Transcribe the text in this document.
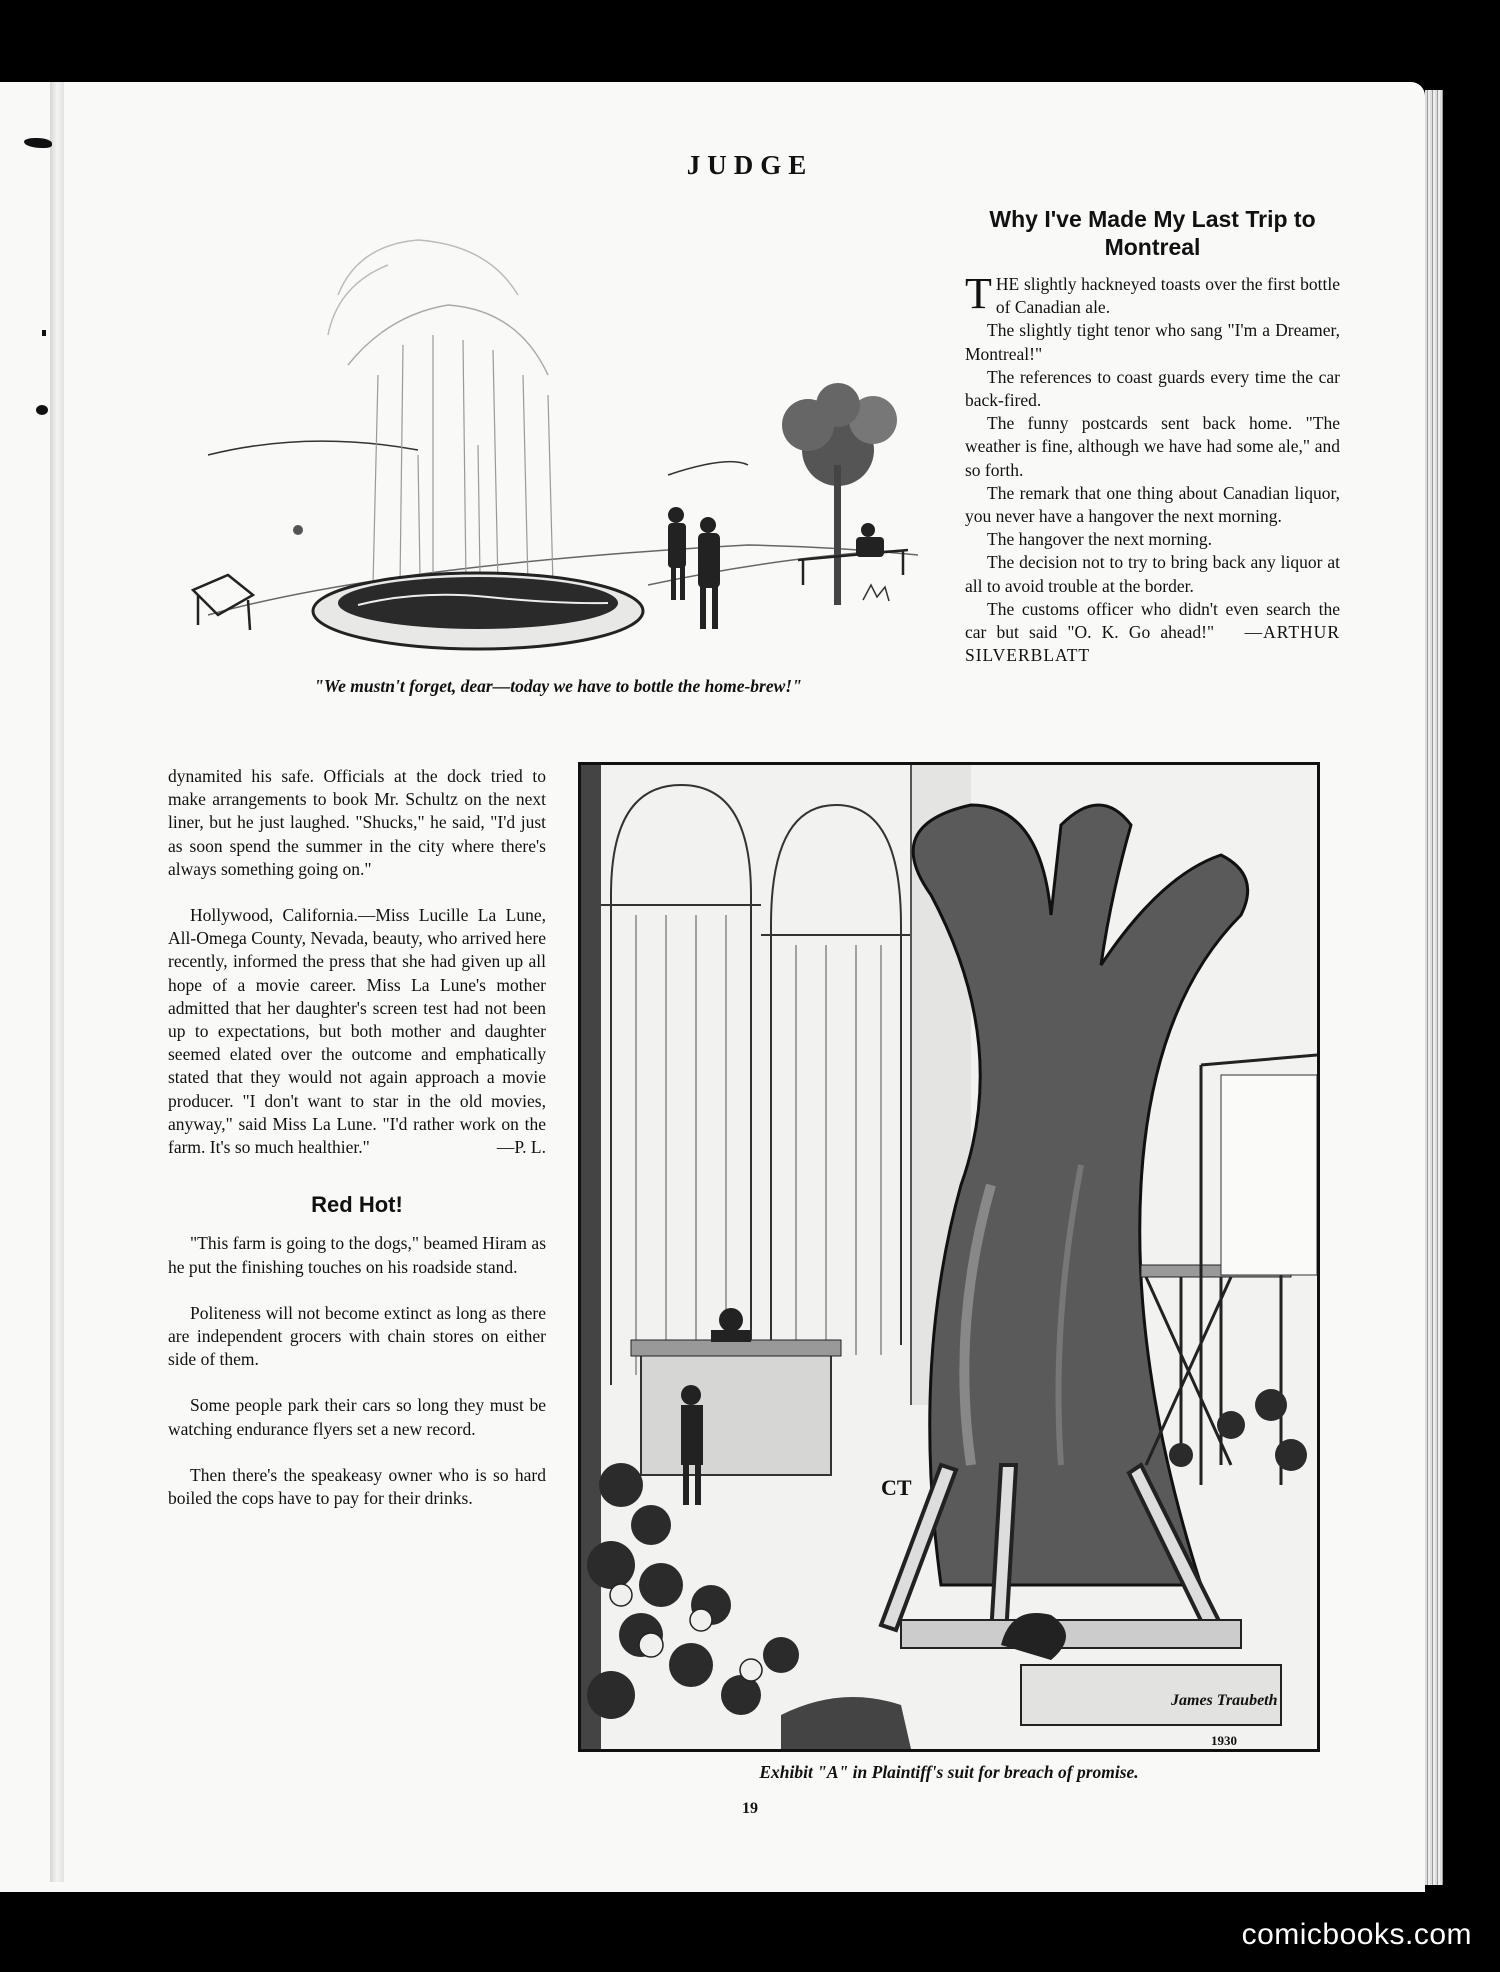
JUDGE
"We mustn't forget, dear—today we have to bottle the home-brew!"
Why I've Made My Last Trip to Montreal

THE slightly hackneyed toasts over the first bottle of Canadian ale.

The slightly tight tenor who sang "I'm a Dreamer, Montreal!"

The references to coast guards every time the car back-fired.

The funny postcards sent back home. "The weather is fine, although we have had some ale," and so forth.

The remark that one thing about Canadian liquor, you never have a hangover the next morning.

The hangover the next morning.

The decision not to try to bring back any liquor at all to avoid trouble at the border.

The customs officer who didn't even search the car but said "O. K. Go ahead!" —ARTHUR SILVERBLATT

dynamited his safe. Officials at the dock tried to make arrangements to book Mr. Schultz on the next liner, but he just laughed. "Shucks," he said, "I'd just as soon spend the summer in the city where there's always something going on."

Hollywood, California.—Miss Lucille La Lune, All-Omega County, Nevada, beauty, who arrived here recently, informed the press that she had given up all hope of a movie career. Miss La Lune's mother admitted that her daughter's screen test had not been up to expectations, but both mother and daughter seemed elated over the outcome and emphatically stated that they would not again approach a movie producer. "I don't want to star in the old movies, anyway," said Miss La Lune. "I'd rather work on the farm. It's so much healthier."	—P. L.

Red Hot!

"This farm is going to the dogs," beamed Hiram as he put the finishing touches on his roadside stand.

Politeness will not become extinct as long as there are independent grocers with chain stores on either side of them.

Some people park their cars so long they must be watching endurance flyers set a new record.

Then there's the speakeasy owner who is so hard boiled the cops have to pay for their drinks.	CT
James Traubeth
1930
Exhibit "A" in Plaintiff's suit for breach of promise.
19
comicbooks.com
